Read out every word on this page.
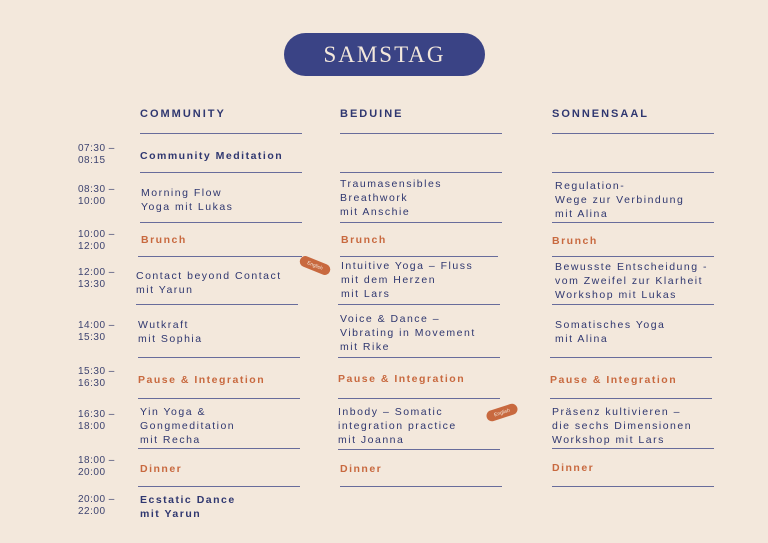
SAMSTAG
COMMUNITY	BEDUINE	SONNENSAAL
07:30 –
08:15
08:30 –
10:00
10:00 –
12:00
12:00 –
13:30
14:00 –
15:30
15:30 –
16:30
16:30 –
18:00
18:00 –
20:00
20:00 –
22:00
Community Meditation
Morning Flow
Yoga mit Lukas
Brunch
Contact beyond Contact
mit Yarun
Wutkraft
mit Sophia
Pause & Integration
Yin Yoga &
Gongmeditation
mit Recha
Dinner
Ecstatic Dance
mit Yarun
English
Traumasensibles
Breathwork
mit Anschie
Brunch
Intuitive Yoga – Fluss
mit dem Herzen
mit Lars
Voice & Dance –
Vibrating in Movement
mit Rike
Pause & Integration
Inbody – Somatic
integration practice
mit Joanna
Dinner
English
Regulation-
Wege zur Verbindung
mit Alina
Brunch
Bewusste Entscheidung -
vom Zweifel zur Klarheit
Workshop mit Lukas
Somatisches Yoga
mit Alina
Pause & Integration
Präsenz kultivieren –
die sechs Dimensionen
Workshop mit Lars
Dinner
